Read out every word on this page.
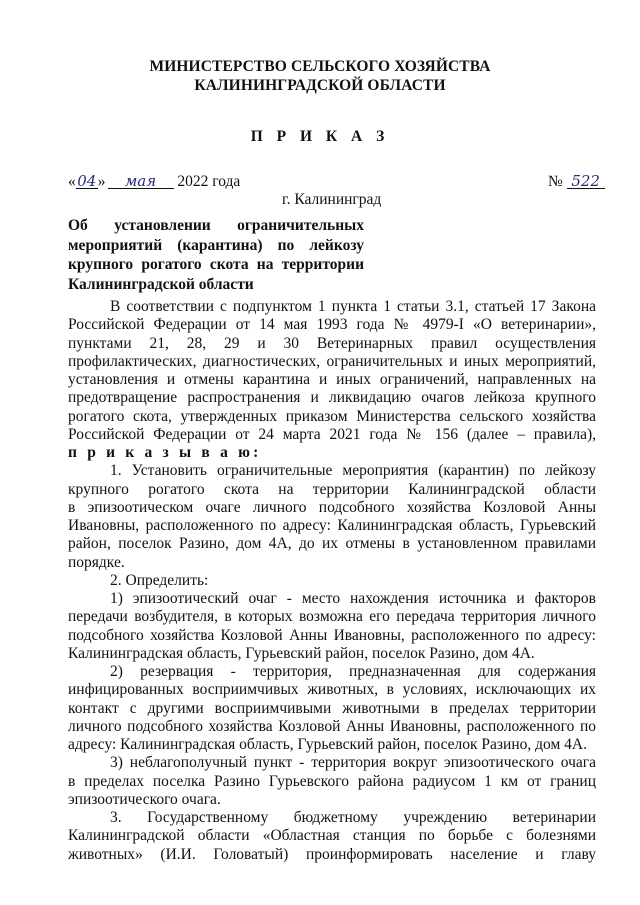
МИНИСТЕРСТВО СЕЛЬСКОГО ХОЗЯЙСТВА
КАЛИНИНГРАДСКОЙ ОБЛАСТИ
П Р И К А З
«04» мая 2022 года	№ 522
г. Калининград
Об установлении ограничительных
мероприятий (карантина) по лейкозу
крупного рогатого скота на территории
Калининградской области
В соответствии с подпунктом 1 пункта 1 статьи 3.1, статьей 17 Закона
Российской Федерации от 14 мая 1993 года № 4979-I «О ветеринарии»,
пунктами 21, 28, 29 и 30 Ветеринарных правил осуществления
профилактических, диагностических, ограничительных и иных мероприятий,
установления и отмены карантина и иных ограничений, направленных на
предотвращение распространения и ликвидацию очагов лейкоза крупного
рогатого скота, утвержденных приказом Министерства сельского хозяйства
Российской Федерации от 24 марта 2021 года № 156 (далее – правила),
п р и к а з ы в а ю:
1. Установить ограничительные мероприятия (карантин) по лейкозу
крупного рогатого скота на территории Калининградской области
в эпизоотическом очаге личного подсобного хозяйства Козловой Анны
Ивановны, расположенного по адресу: Калининградская область, Гурьевский
район, поселок Разино, дом 4А, до их отмены в установленном правилами
порядке.
2. Определить:
1) эпизоотический очаг - место нахождения источника и факторов
передачи возбудителя, в которых возможна его передача территория личного
подсобного хозяйства Козловой Анны Ивановны, расположенного по адресу:
Калининградская область, Гурьевский район, поселок Разино, дом 4А.
2) резервация - территория, предназначенная для содержания
инфицированных восприимчивых животных, в условиях, исключающих их
контакт с другими восприимчивыми животными в пределах территории
личного подсобного хозяйства Козловой Анны Ивановны, расположенного по
адресу: Калининградская область, Гурьевский район, поселок Разино, дом 4А.
3) неблагополучный пункт - территория вокруг эпизоотического очага
в пределах поселка Разино Гурьевского района радиусом 1 км от границ
эпизоотического очага.
3. Государственному бюджетному учреждению ветеринарии
Калининградской области «Областная станция по борьбе с болезнями
животных» (И.И. Головатый) проинформировать население и главу
